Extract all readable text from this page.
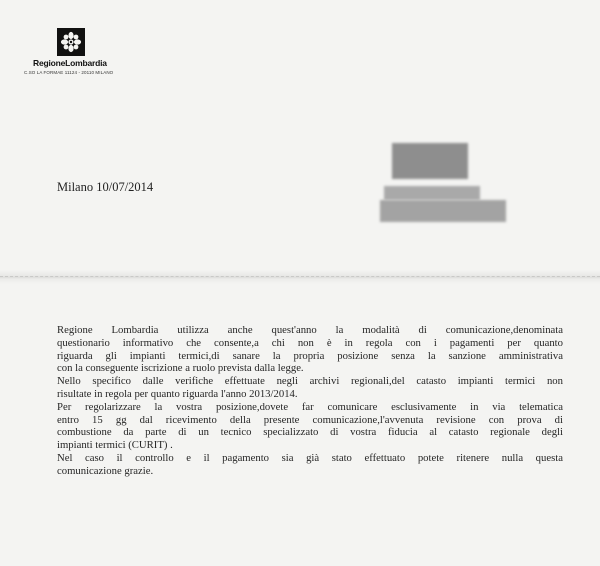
RegioneLombardia
C.SO LA FORMAE 11124 - 20110 MILANO
Milano 10/07/2014
Regione Lombardia utilizza anche quest'anno la modalità di comunicazione,denominata
questionario informativo che consente,a chi non è in regola con i pagamenti per quanto
riguarda gli impianti termici,di sanare la propria posizione senza la sanzione amministrativa
con la conseguente iscrizione a ruolo prevista dalla legge.
Nello specifico dalle verifiche effettuate negli archivi regionali,del catasto impianti termici non
risultate in regola per quanto riguarda l'anno 2013/2014.
Per regolarizzare la vostra posizione,dovete far comunicare esclusivamente in via telematica
entro 15 gg dal ricevimento della presente comunicazione,l'avvenuta revisione con prova di
combustione da parte di un tecnico specializzato di vostra fiducia al catasto regionale degli
impianti termici (CURIT) .
Nel caso il controllo e il pagamento sia già stato effettuato potete ritenere nulla questa
comunicazione grazie.
